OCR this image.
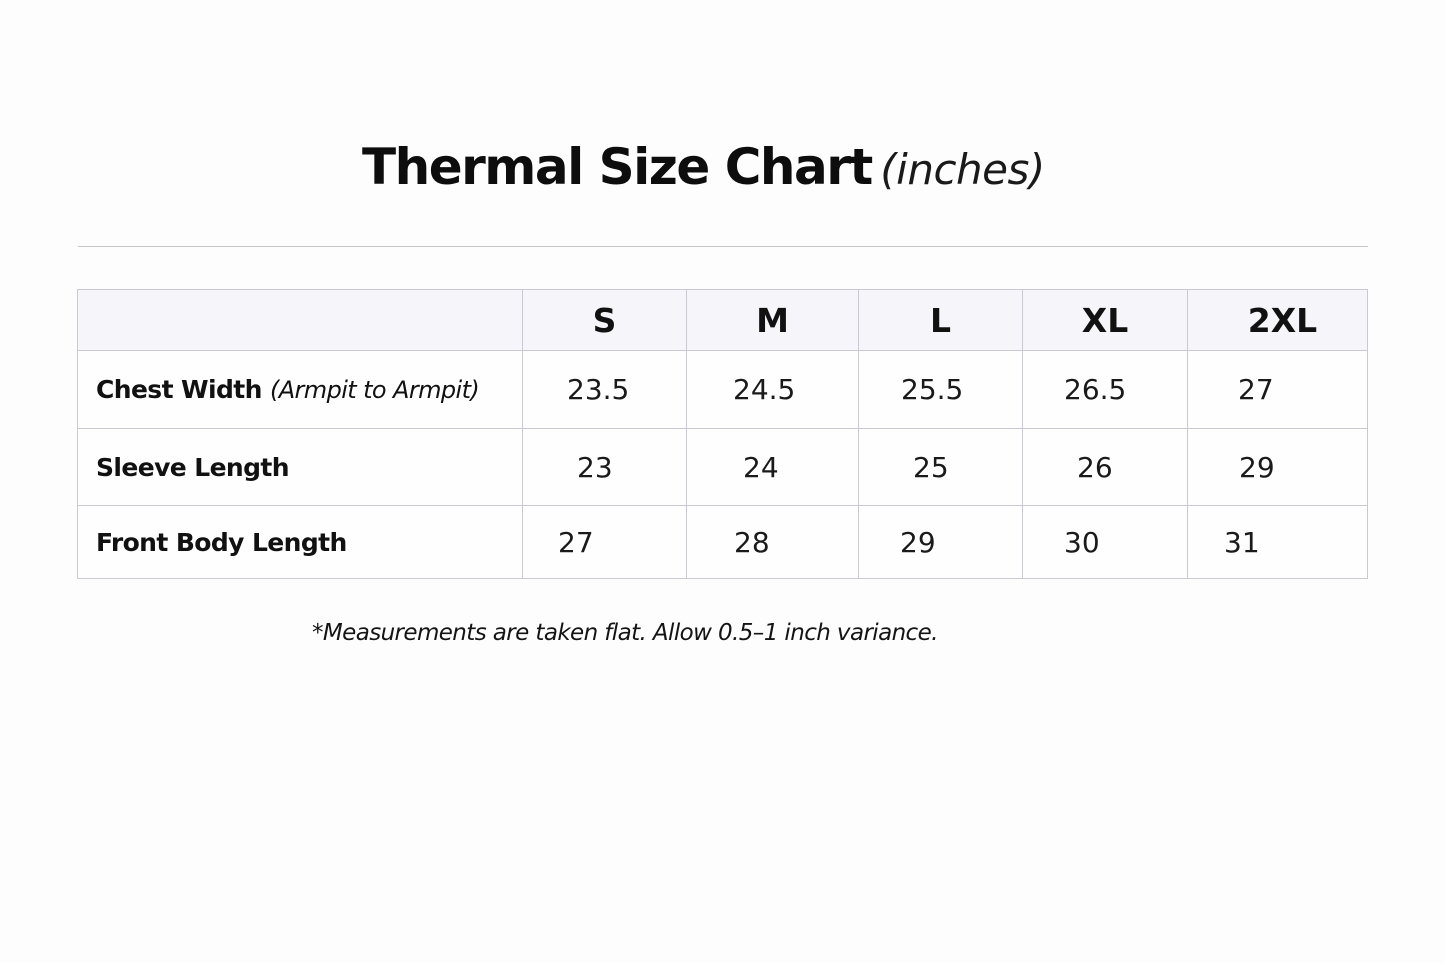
Thermal Size Chart (inches)
	S	M	L	XL	2XL
Chest Width (Armpit to Armpit)	23.5	24.5	25.5	26.5	27
Sleeve Length	23	24	25	26	29
Front Body Length	27	28	29	30	31
*Measurements are taken flat. Allow 0.5–1 inch variance.
